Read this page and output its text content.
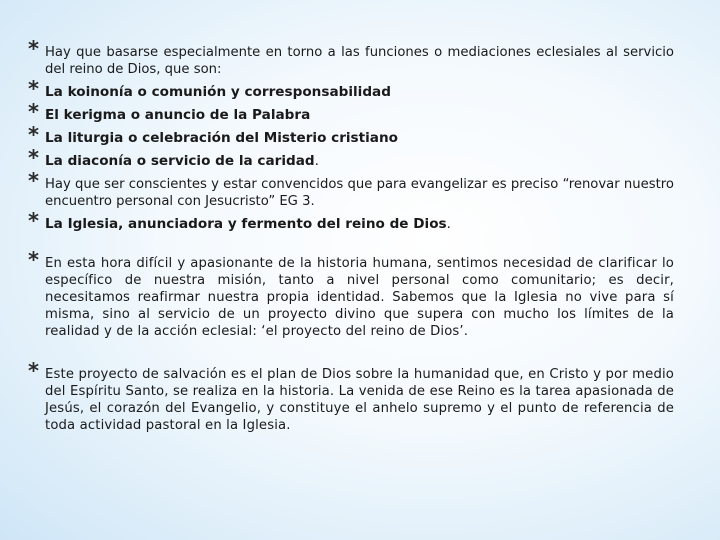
* Hay que basarse especialmente en torno a las funciones o mediaciones eclesiales al servicio del reino de Dios, que son:
* La koinonía o comunión y corresponsabilidad
* El kerigma o anuncio de la Palabra
* La liturgia o celebración del Misterio cristiano
* La diaconía o servicio de la caridad.
* Hay que ser conscientes y estar convencidos que para evangelizar es preciso “renovar nuestro encuentro personal con Jesucristo” EG 3.
* La Iglesia, anunciadora y fermento del reino de Dios.
* En esta hora difícil y apasionante de la historia humana, sentimos necesidad de clarificar lo específico de nuestra misión, tanto a nivel personal como comunitario; es decir, necesitamos reafirmar nuestra propia identidad. Sabemos que la Iglesia no vive para sí misma, sino al servicio de un proyecto divino que supera con mucho los límites de la realidad y de la acción eclesial: ‘el proyecto del reino de Dios’.
* Este proyecto de salvación es el plan de Dios sobre la humanidad que, en Cristo y por medio del Espíritu Santo, se realiza en la historia. La venida de ese Reino es la tarea apasionada de Jesús, el corazón del Evangelio, y constituye el anhelo supremo y el punto de referencia de toda actividad pastoral en la Iglesia.
